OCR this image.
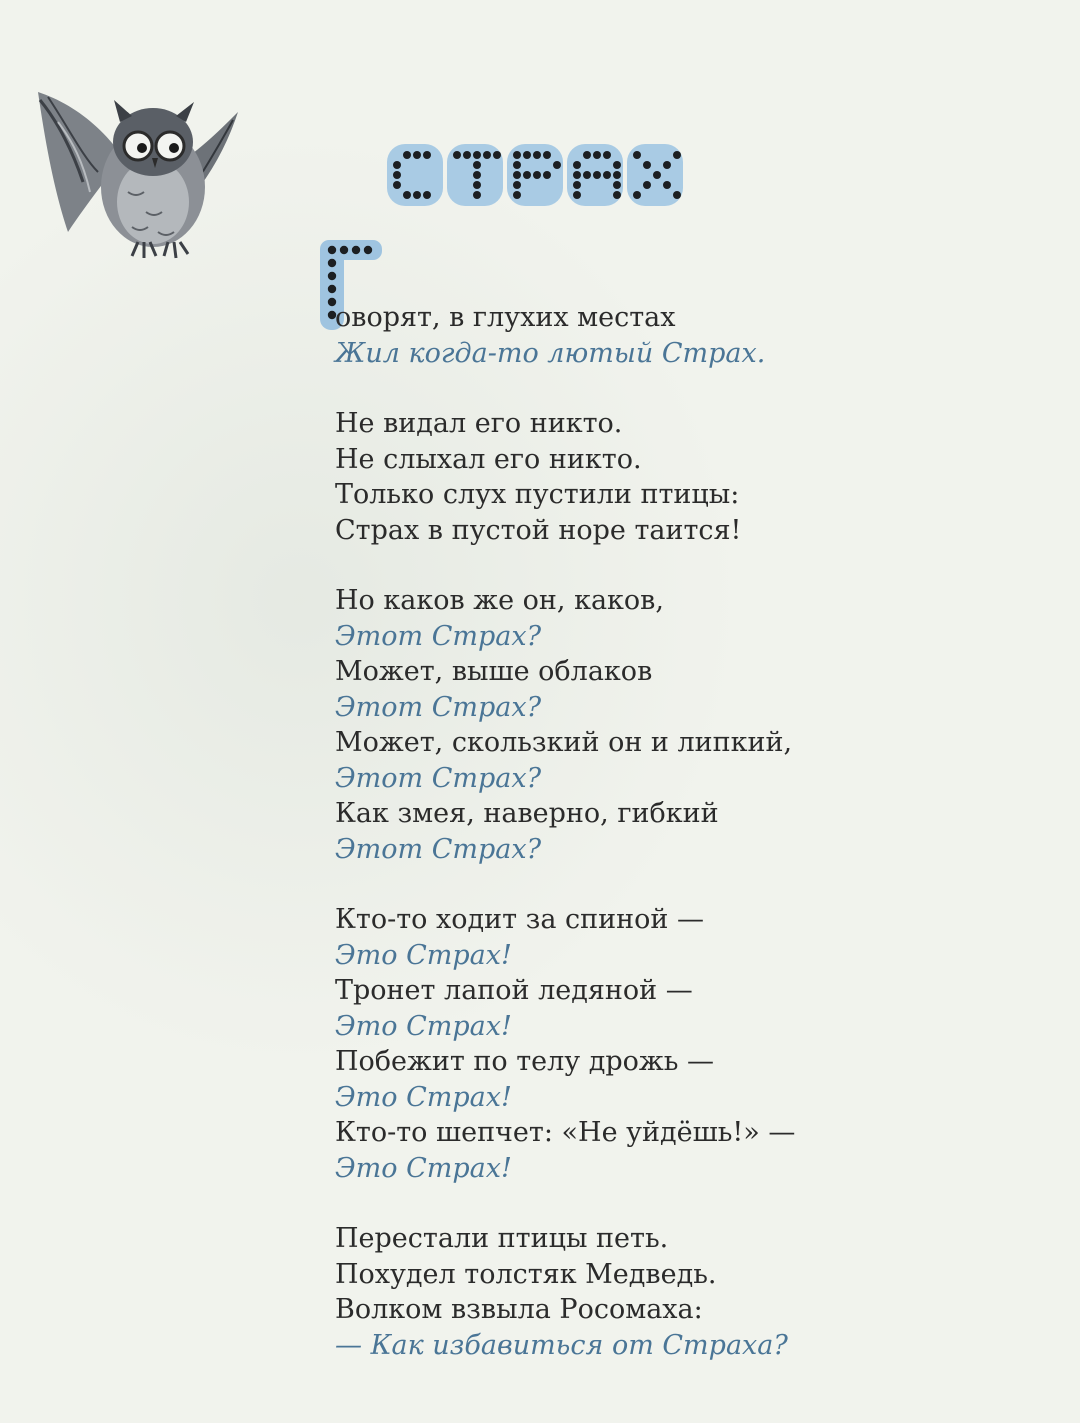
оворят, в глухих местах
Жил когда-то лютый Страх.
Не видал его никто.
Не слыхал его никто.
Только слух пустили птицы:
Страх в пустой норе таится!
Но каков же он, каков,
Этот Страх?
Может, выше облаков
Этот Страх?
Может, скользкий он и липкий,
Этот Страх?
Как змея, наверно, гибкий
Этот Страх?
Кто-то ходит за спиной —
Это Страх!
Тронет лапой ледяной —
Это Страх!
Побежит по телу дрожь —
Это Страх!
Кто-то шепчет: «Не уйдёшь!» —
Это Страх!
Перестали птицы петь.
Похудел толстяк Медведь.
Волком взвыла Росомаха:
— Как избавиться от Страха?
